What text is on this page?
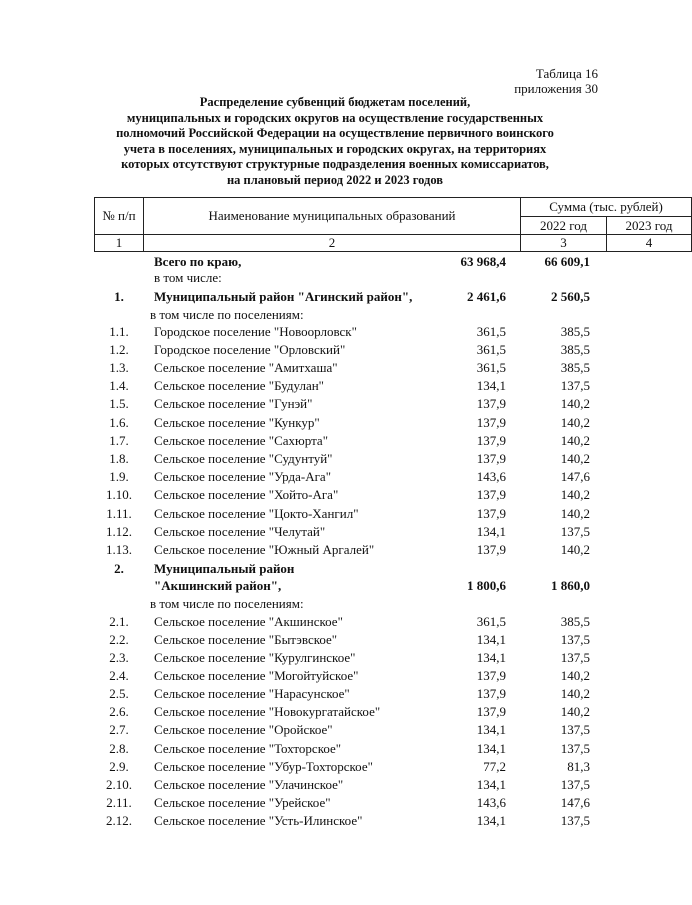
Таблица 16
приложения 30
Распределение субвенций бюджетам поселений,
муниципальных и городских округов на осуществление государственных
полномочий Российской Федерации на осуществление первичного воинского
учета в поселениях, муниципальных и городских округах, на территориях
которых отсутствуют структурные подразделения военных комиссариатов,
на плановый период 2022 и 2023 годов
№ п/п	Наименование муниципальных образований
Сумма (тыс. рублей)
2022 год	2023 год
1	2	3	4
Всего по краю,	63 968,4	66 609,1
в том числе:
1.	Муниципальный район "Агинский район",	2 461,6	2 560,5
в том числе по поселениям:
1.1.	Городское поселение "Новоорловск"	361,5	385,5
1.2.	Городское поселение "Орловский"	361,5	385,5
1.3.	Сельское поселение "Амитхаша"	361,5	385,5
1.4.	Сельское поселение "Будулан"	134,1	137,5
1.5.	Сельское поселение "Гунэй"	137,9	140,2
1.6.	Сельское поселение "Кункур"	137,9	140,2
1.7.	Сельское поселение "Сахюрта"	137,9	140,2
1.8.	Сельское поселение "Судунтуй"	137,9	140,2
1.9.	Сельское поселение "Урда-Ага"	143,6	147,6
1.10.	Сельское поселение "Хойто-Ага"	137,9	140,2
1.11.	Сельское поселение "Цокто-Хангил"	137,9	140,2
1.12.	Сельское поселение "Челутай"	134,1	137,5
1.13.	Сельское поселение "Южный Аргалей"	137,9	140,2
2.	Муниципальный район
"Акшинский район",	1 800,6	1 860,0
в том числе по поселениям:
2.1.	Сельское поселение "Акшинское"	361,5	385,5
2.2.	Сельское поселение "Бытэвское"	134,1	137,5
2.3.	Сельское поселение "Курулгинское"	134,1	137,5
2.4.	Сельское поселение "Могойтуйское"	137,9	140,2
2.5.	Сельское поселение "Нарасунское"	137,9	140,2
2.6.	Сельское поселение "Новокургатайское"	137,9	140,2
2.7.	Сельское поселение "Оройское"	134,1	137,5
2.8.	Сельское поселение "Тохторское"	134,1	137,5
2.9.	Сельское поселение "Убур-Тохторское"	77,2	81,3
2.10.	Сельское поселение "Улачинское"	134,1	137,5
2.11.	Сельское поселение "Урейское"	143,6	147,6
2.12.	Сельское поселение "Усть-Илинское"	134,1	137,5
